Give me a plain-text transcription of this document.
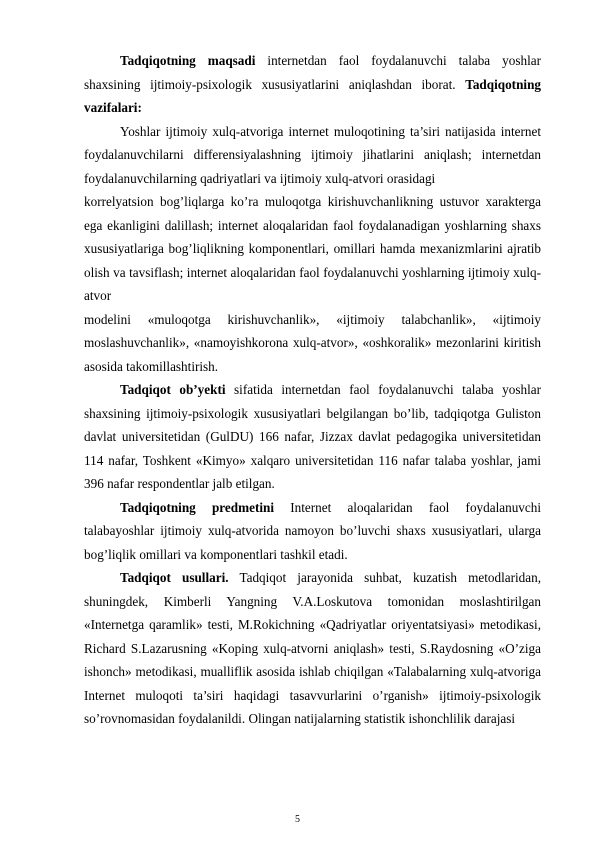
Tadqiqotning maqsadi internetdan faol foydalanuvchi talaba yoshlar shaxsining ijtimoiy-psixologik xususiyatlarini aniqlashdan iborat. Tadqiqotning vazifalari:

Yoshlar ijtimoiy xulq-atvoriga internet muloqotining ta’siri natijasida internet foydalanuvchilarni differensiyalashning ijtimoiy jihatlarini aniqlash; internetdan foydalanuvchilarning qadriyatlari va ijtimoiy xulq-atvori orasidagi

korrelyatsion bog’liqlarga ko’ra muloqotga kirishuvchanlikning ustuvor xarakterga ega ekanligini dalillash; internet aloqalaridan faol foydalanadigan yoshlarning shaxs xususiyatlariga bog’liqlikning komponentlari, omillari hamda mexanizmlarini ajratib olish va tavsiflash; internet aloqalaridan faol foydalanuvchi yoshlarning ijtimoiy xulq-atvor

modelini «muloqotga kirishuvchanlik», «ijtimoiy talabchanlik», «ijtimoiy moslashuvchanlik», «namoyishkorona xulq-atvor», «oshkoralik» mezonlarini kiritish asosida takomillashtirish.

Tadqiqot ob’yekti sifatida internetdan faol foydalanuvchi talaba yoshlar shaxsining ijtimoiy-psixologik xususiyatlari belgilangan bo’lib, tadqiqotga Guliston davlat universitetidan (GulDU) 166 nafar, Jizzax davlat pedagogika universitetidan 114 nafar, Toshkent «Kimyo» xalqaro universitetidan 116 nafar talaba yoshlar, jami 396 nafar respondentlar jalb etilgan.

Tadqiqotning predmetini Internet aloqalaridan faol foydalanuvchi talabayoshlar ijtimoiy xulq-atvorida namoyon bo’luvchi shaxs xususiyatlari, ularga bog’liqlik omillari va komponentlari tashkil etadi.

Tadqiqot usullari. Tadqiqot jarayonida suhbat, kuzatish metodlaridan, shuningdek, Kimberli Yangning V.A.Loskutova tomonidan moslashtirilgan «Internetga qaramlik» testi, M.Rokichning «Qadriyatlar oriyentatsiyasi» metodikasi, Richard S.Lazarusning «Koping xulq-atvorni aniqlash» testi, S.Raydosning «O’ziga ishonch» metodikasi, mualliflik asosida ishlab chiqilgan «Talabalarning xulq-atvoriga Internet muloqoti ta’siri haqidagi tasavvurlarini o’rganish» ijtimoiy-psixologik so’rovnomasidan foydalanildi. Olingan natijalarning statistik ishonchlilik darajasi

5
